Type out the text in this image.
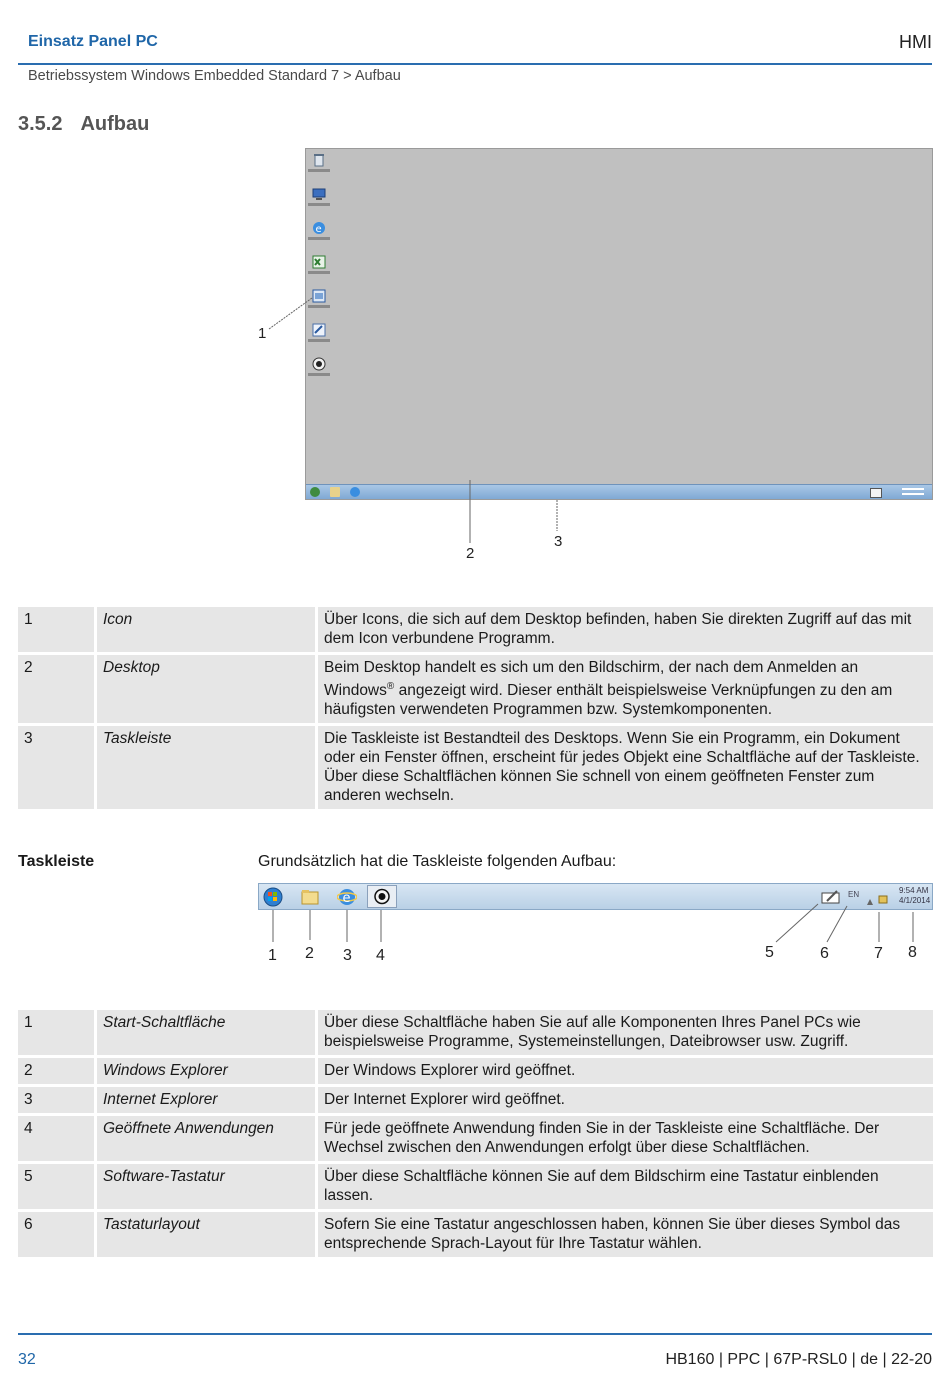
Einsatz Panel PC	HMI
Betriebssystem Windows Embedded Standard 7 > Aufbau
3.5.2 Aufbau
e
1
2
3
1	Icon	Über Icons, die sich auf dem Desktop befinden, haben Sie direkten Zugriff auf das mit dem Icon verbundene Programm.
2	Desktop	Beim Desktop handelt es sich um den Bildschirm, der nach dem Anmelden an Windows® angezeigt wird. Dieser enthält beispielsweise Verknüpfungen zu den am häufigsten verwendeten Programmen bzw. Systemkomponenten.
3	Taskleiste	Die Taskleiste ist Bestandteil des Desktops. Wenn Sie ein Programm, ein Dokument oder ein Fenster öffnen, erscheint für jedes Objekt eine Schaltfläche auf der Taskleiste. Über diese Schaltflächen können Sie schnell von einem geöffneten Fenster zum anderen wechseln.
Taskleiste	Grundsätzlich hat die Taskleiste folgenden Aufbau:
e	EN	9:54 AM
4/1/2014
1 2 3 4	5	6	7 8
1	Start-Schaltfläche	Über diese Schaltfläche haben Sie auf alle Komponenten Ihres Panel PCs wie beispielsweise Programme, Systemeinstellungen, Dateibrowser usw. Zugriff.
2	Windows Explorer	Der Windows Explorer wird geöffnet.
3	Internet Explorer	Der Internet Explorer wird geöffnet.
4	Geöffnete Anwendungen	Für jede geöffnete Anwendung finden Sie in der Taskleiste eine Schaltfläche. Der Wechsel zwischen den Anwendungen erfolgt über diese Schaltflächen.
5	Software-Tastatur	Über diese Schaltfläche können Sie auf dem Bildschirm eine Tastatur einblenden lassen.
6	Tastaturlayout	Sofern Sie eine Tastatur angeschlossen haben, können Sie über dieses Symbol das entsprechende Sprach-Layout für Ihre Tastatur wählen.
32	HB160 | PPC | 67P-RSL0 | de | 22-20
